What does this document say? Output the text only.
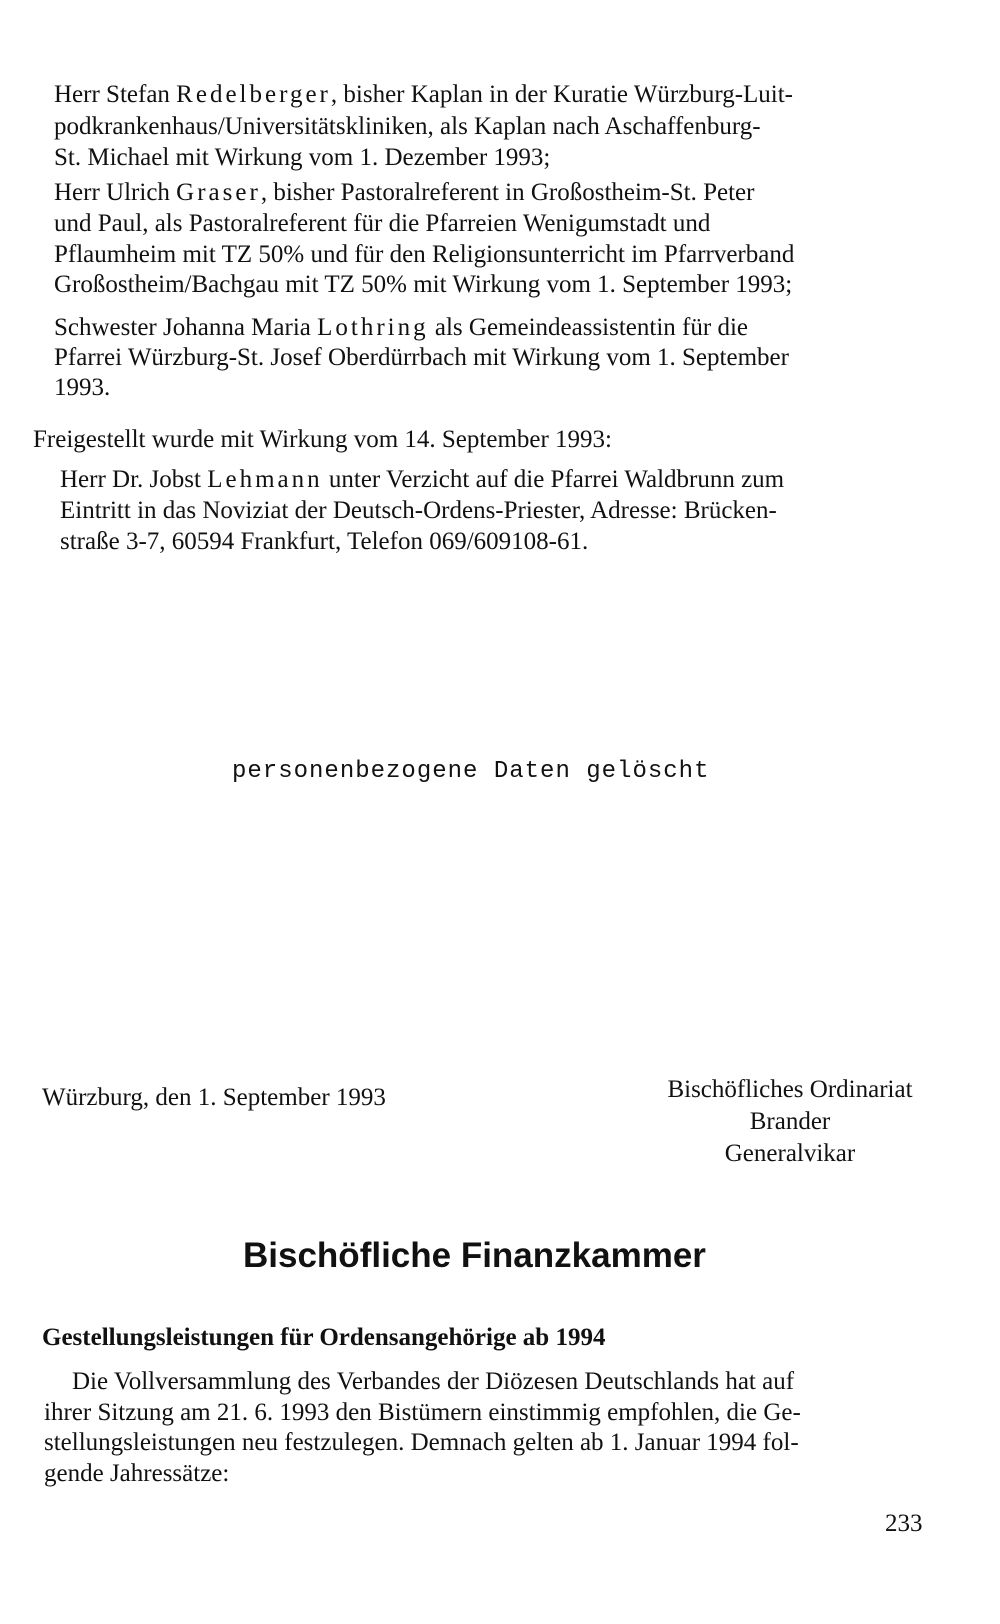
Herr Stefan Redelberger, bisher Kaplan in der Kuratie Würzburg-Luit-

podkrankenhaus/Universitätskliniken, als Kaplan nach Aschaffenburg-

St. Michael mit Wirkung vom 1. Dezember 1993;

Herr Ulrich Graser, bisher Pastoralreferent in Großostheim-St. Peter

und Paul, als Pastoralreferent für die Pfarreien Wenigumstadt und

Pflaumheim mit TZ 50% und für den Religionsunterricht im Pfarrverband

Großostheim/Bachgau mit TZ 50% mit Wirkung vom 1. September 1993;

Schwester Johanna Maria Lothring als Gemeindeassistentin für die

Pfarrei Würzburg-St. Josef Oberdürrbach mit Wirkung vom 1. September

1993.

Freigestellt wurde mit Wirkung vom 14. September 1993:

Herr Dr. Jobst Lehmann unter Verzicht auf die Pfarrei Waldbrunn zum

Eintritt in das Noviziat der Deutsch-Ordens-Priester, Adresse: Brücken-

straße 3-7, 60594 Frankfurt, Telefon 069/609108-61.

personenbezogene Daten gelöscht
Würzburg, den 1. September 1993	Bischöfliches Ordinariat
Brander
Generalvikar
Bischöfliche Finanzkammer
Gestellungsleistungen für Ordensangehörige ab 1994

Die Vollversammlung des Verbandes der Diözesen Deutschlands hat auf

ihrer Sitzung am 21. 6. 1993 den Bistümern einstimmig empfohlen, die Ge-

stellungsleistungen neu festzulegen. Demnach gelten ab 1. Januar 1994 fol-

gende Jahressätze:

233
